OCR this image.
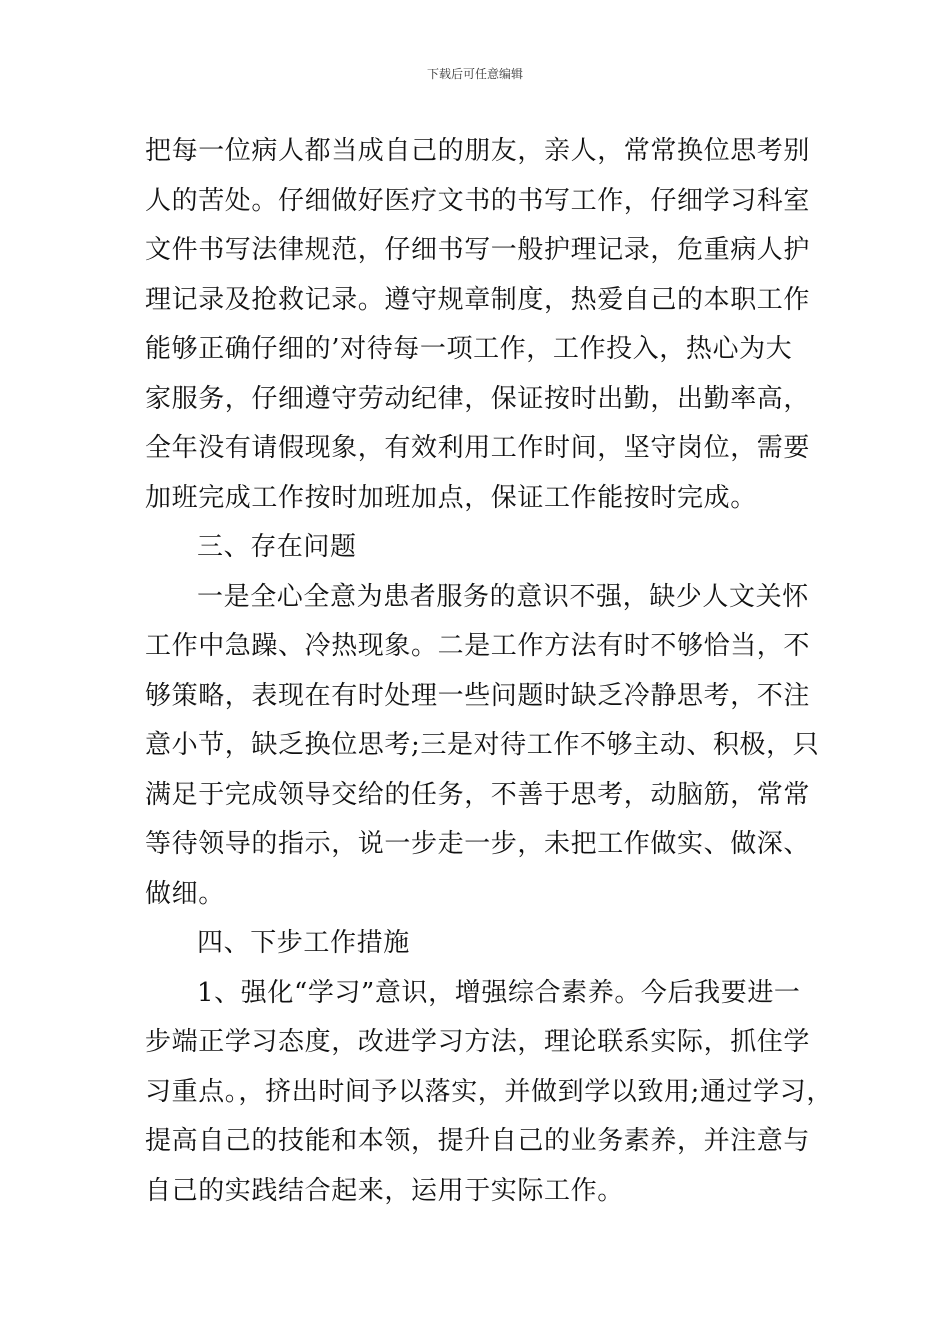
下载后可任意编辑
把每一位病人都当成自己的朋友，亲人，常常换位思考别
人的苦处。仔细做好医疗文书的书写工作，仔细学习科室
文件书写法律规范，仔细书写一般护理记录，危重病人护
理记录及抢救记录。遵守规章制度，热爱自己的本职工作
能够正确仔细的’对待每一项工作，工作投入，热心为大
家服务，仔细遵守劳动纪律，保证按时出勤，出勤率高，
全年没有请假现象，有效利用工作时间，坚守岗位，需要
加班完成工作按时加班加点，保证工作能按时完成。
三、存在问题
一是全心全意为患者服务的意识不强，缺少人文关怀
工作中急躁、冷热现象。二是工作方法有时不够恰当，不
够策略，表现在有时处理一些问题时缺乏冷静思考，不注
意小节，缺乏换位思考;三是对待工作不够主动、积极，只
满足于完成领导交给的任务，不善于思考，动脑筋，常常
等待领导的指示，说一步走一步，未把工作做实、做深、
做细。
四、下步工作措施
1、强化“学习”意识，增强综合素养。今后我要进一
步端正学习态度，改进学习方法，理论联系实际，抓住学
习重点。，挤出时间予以落实，并做到学以致用;通过学习，
提高自己的技能和本领，提升自己的业务素养，并注意与
自己的实践结合起来，运用于实际工作。
